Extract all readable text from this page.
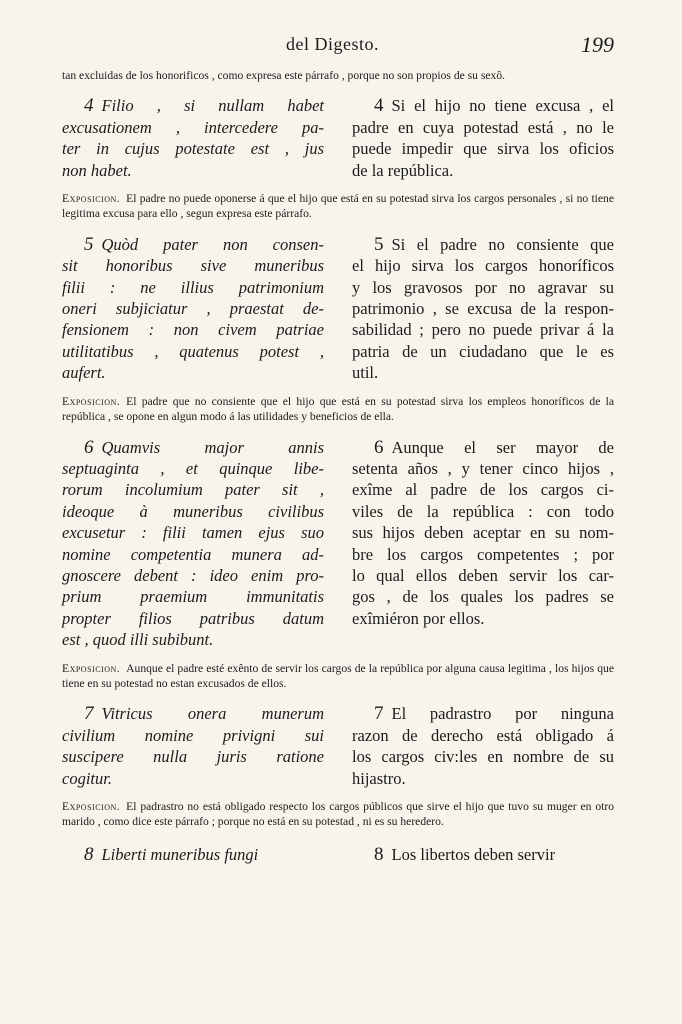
del Digesto.	199

tan excluidas de los honorificos , como expresa este párrafo , porque no son propios de su sexô.

4 Filio , si nullam habet
excusationem , intercedere pa-
ter in cujus potestate est , jus
non habet.
4 Si el hijo no tiene excusa , el
padre en cuya potestad está , no le
puede impedir que sirva los oficios
de la república.

Exposicion. El padre no puede oponerse á que el hijo que está en su potestad sirva los cargos personales , si no tiene legitima excusa para ello , segun expresa este párrafo.

5 Quòd pater non consen-
sit honoribus sive muneribus
filii : ne illius patrimonium
oneri subjiciatur , praestat de-
fensionem : non civem patriae
utilitatibus , quatenus potest ,
aufert.
5 Si el padre no consiente que
el hijo sirva los cargos honoríficos
y los gravosos por no agravar su
patrimonio , se excusa de la respon-
sabilidad ; pero no puede privar á la
patria de un ciudadano que le es
util.

Exposicion. El padre que no consiente que el hijo que está en su potestad sirva los empleos honoríficos de la república , se opone en algun modo á las utilidades y beneficios de ella.

6 Quamvis major annis
septuaginta , et quinque libe-
rorum incolumium pater sit ,
ideoque à muneribus civilibus
excusetur : filii tamen ejus suo
nomine competentia munera ad-
gnoscere debent : ideo enim pro-
prium praemium immunitatis
propter filios patribus datum
est , quod illi subibunt.
6 Aunque el ser mayor de
setenta años , y tener cinco hijos ,
exîme al padre de los cargos ci-
viles de la república : con todo
sus hijos deben aceptar en su nom-
bre los cargos competentes ; por
lo qual ellos deben servir los car-
gos , de los quales los padres se
exîmiéron por ellos.

Exposicion. Aunque el padre esté exênto de servir los cargos de la república por alguna causa legitima , los hijos que tiene en su potestad no estan excusados de ellos.

7 Vitricus onera munerum
civilium nomine privigni sui
suscipere nulla juris ratione
cogitur.
7 El padrastro por ninguna
razon de derecho está obligado á
los cargos civ:les en nombre de su
hijastro.

Exposicion. El padrastro no está obligado respecto los cargos públicos que sirve el hijo que tuvo su muger en otro marido , como dice este párrafo ; porque no está en su potestad , ni es su heredero.

8 Liberti muneribus fungi	8 Los libertos deben servir
